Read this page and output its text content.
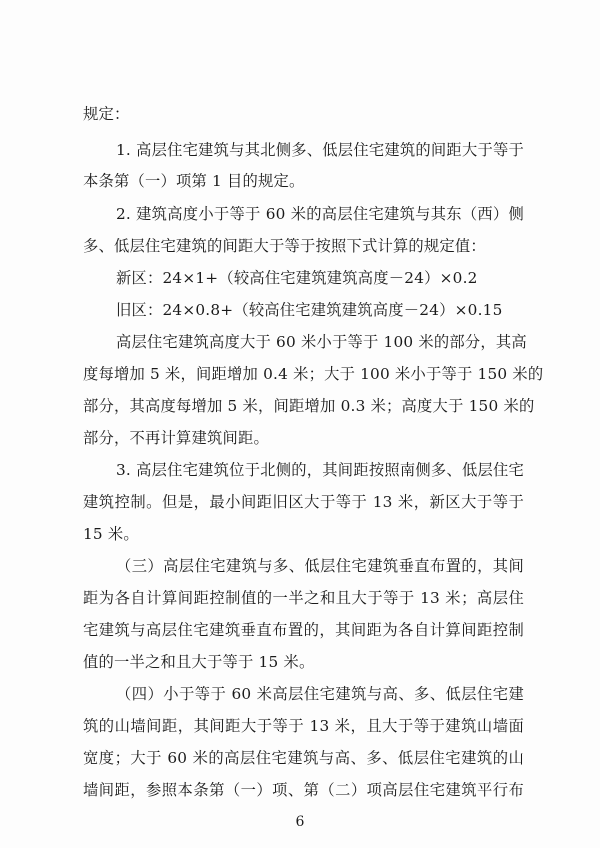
规定：
1. 高层住宅建筑与其北侧多、低层住宅建筑的间距大于等于
本条第（一）项第 1 目的规定。
2. 建筑高度小于等于 60 米的高层住宅建筑与其东（西）侧
多、低层住宅建筑的间距大于等于按照下式计算的规定值：
新区：24×1+（较高住宅建筑建筑高度－24）×0.2
旧区：24×0.8+（较高住宅建筑建筑高度－24）×0.15
高层住宅建筑高度大于 60 米小于等于 100 米的部分，其高
度每增加 5 米，间距增加 0.4 米；大于 100 米小于等于 150 米的
部分，其高度每增加 5 米，间距增加 0.3 米；高度大于 150 米的
部分，不再计算建筑间距。
3. 高层住宅建筑位于北侧的，其间距按照南侧多、低层住宅
建筑控制。但是，最小间距旧区大于等于 13 米，新区大于等于
15 米。
（三）高层住宅建筑与多、低层住宅建筑垂直布置的，其间
距为各自计算间距控制值的一半之和且大于等于 13 米；高层住
宅建筑与高层住宅建筑垂直布置的，其间距为各自计算间距控制
值的一半之和且大于等于 15 米。
（四）小于等于 60 米高层住宅建筑与高、多、低层住宅建
筑的山墙间距，其间距大于等于 13 米，且大于等于建筑山墙面
宽度；大于 60 米的高层住宅建筑与高、多、低层住宅建筑的山
墙间距，参照本条第（一）项、第（二）项高层住宅建筑平行布
6
